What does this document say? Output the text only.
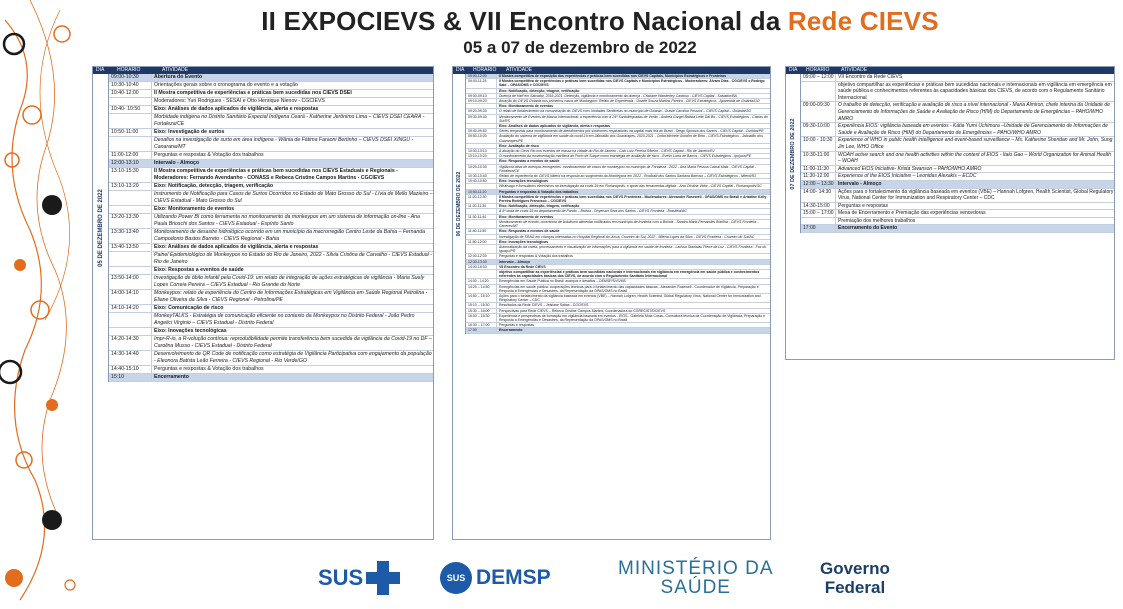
II EXPOCIEVS & VII Encontro Nacional da Rede CIEVS
05 a 07 de dezembro de 2022
DIA	HORÁRIO	ATIVIDADE
05 DE DEZEMBRO DE 2022
09:00-10:30	Abertura do Evento
10:30-10:40	Orientações gerais sobre o cronograma do evento e a votação
10:40-12:00	II Mostra competitiva de experiências e práticas bem sucedidas nos CIEVS DSEI
Moderadores: Yuri Rodrigues - SESAI e Otto Henrique Nienov - CGCIEVS
10:40- 10:50	Eixo: Análises de dados aplicados de vigilância, alerta e respostas
Morbidade indígena no Distrito Sanitário Especial Indígena Ceará - Katherine Jerônimo Lima – CIEVS DSEI CEARÁ - Fortaleza/CE
10:50-11:00	Eixo: Investigação de surtos
Desafios na investigação de surto em área indígena - Wânia de Fátima Faraoni Bertinho – CIEVS DSEI XINGU - Canarana/MT
11:00-12:00	Perguntas e respostas & Votação dos trabalhos
12:00-13:10	Intervalo - Almoço
13:10-15:30	II Mostra competitiva de experiências e práticas bem sucedidas nos CIEVS Estaduais e Regionais - Moderadores: Fernando Avendanho - CONASS e Rebeca Cristine Campos Martins - CGCIEVS
13:10-13:20	Eixo: Notificação, detecção, triagem, verificação
Instrumento de Notificação para Casos de Surtos Ocorridos no Estado de Mato Grosso do Sul - Lívia de Mello Mazieiro – CIEVS Estadual - Mato Grosso do Sul
Eixo: Monitoramento de eventos
13:20-13:30	Utilizando Power BI como ferramenta no monitoramento da monkeypox em um sistema de informação on-line - Ana Paula Brioschi dos Santos - CIEVS Estadual - Espírito Santo
13:30-13:40	Monitoramento de desastre hidrológico ocorrido em um município da macrorregião Centro Leste da Bahia – Fernanda Campodonio Bastos Barreto - CIEVS Regional - Bahia
13:40-13:50	Eixo: Análises de dados aplicados de vigilância, alerta e respostas
Painel Epidemiológico de Monkeypox no Estado do Rio de Janeiro, 2022 - Silvia Cristina de Carvalho - CIEVS Estadual - Rio de Janeiro
Eixo: Respostas a eventos de saúde
13:50-14:00	Investigação de óbito infantil pela Covid-19: um relato de integração de ações estratégicas de vigilância - Maria Suely Lopes Correia Pereira – CIEVS Estadual - Rio Grande do Norte
14:00-14:10	Monkeypox: relato de experiência do Centro de Informações Estratégicas em Vigilância em Saúde Regional Petrolina - Eliane Oliveira da Silva - CIEVS Regional - Petrolina/PE
14:10-14:20	Eixo: Comunicação de risco
MonkeyTALKS - Estratégia de comunicação eficiente no contexto da Monkeypox no Distrito Federal - João Pedro Angelici Virginio – CIEVS Estadual - Distrito Federal
Eixo: Inovações tecnológicas
14:20-14:30	Impr-R-io, a R-volução contínua: reprodutibilidade permite transferência bem sucedida da vigilância da Covid-19 no DF – Carolina Musso - CIEVS Estadual - Distrito Federal
14:30-14:40	Desenvolvimento de QR Code de notificação como estratégia de Vigilância Participativa com engajamento da população - Eleonora Batista Leão Ferreira - CIEVS Regional - Rio Verde/GO
14:40-15:10	Perguntas e respostas & Votação dos trabalhos
15:10	Encerramento
DIA	HORÁRIO	ATIVIDADE
06 DE DEZEMBRO DE 2022
09:00-12:00	II Mostra competitiva de exposição das experiências e práticas bem sucedidas nos CIEVS Capitais, Municípios Estratégicos e Fronteiras
09:00-11:25	II Mostra competitiva de experiências e práticas bem sucedidas nos CIEVS Capitais e Municípios Estratégicos - Moderadores: Álvaro Dias - CGCIEVS e Rodrigo Said – OPAS/OMS e CGCIEVS
Eixo: Notificação, detecção, triagem, verificação
09:00-09:10	Doença de Haff em Salvador, 2016-2021: Detecção, vigilância e monitoramento da doença - Cristiane Wanderley Cardoso - CIEVS Capital - Salvador/BA
09:10-09:20	Atuação do CIEVS Goiânia nos primeiros casos de Monkeypox: Relato de Experiência - Gisélle Souza Martins Pereira - CIEVS Estratégicos - Aparecida de Goiânia/GO
Eixo: Monitoramento de eventos
09:20-09:30	O relato de fortalecimento na comunicação do CIEVS com Unidades Sentinelas no município de Goiânia - Grasie Carolina Pessoni – CIEVS Capital – Goiânia/GO
09:30-09:40	Monitoramento de Eventos de Massa Internacional: a experiência com a 24ª Surdolimpíadas de Verão - Andrea Gurgel Batista Leite Dal Bo - CIEVS Estratégicos - Caxias do Sul/RS
Eixo: Análises de dados aplicados de vigilância, alerta e respostas
09:40-09:50	Séries temporais para monitoramento de atendimentos por síndromes respiratórias na capital mais fria do Brasil - Diego Spinoza dos Santos - CIEVS Capital - Curitiba/PR
09:50-10:00	Avaliação do sistema de vigilância em saúde da covid-19 em Jaboatão dos Guararapes, 2020-2021 - Cintia Michele Gondim de Brito - CIEVS Estratégicos - Jaboatão dos Guararapes/PE
Eixo: Avaliação de risco
10:00-10:10	A atuação do Cievs Rio nos eventos de massa na cidade do Rio de Janeiro - Caio Luiz Pereira Ribeiro - CIEVS Capital - Rio de Janeiro/RJ
10:10-10:20	O monitoramento da movimentação marítima do Porto de Suape como estratégia de avaliação de risco - Evelin Lúcia de Barros - CIEVS Estratégicos - Ipojuca/PE
Eixo: Respostas a eventos de saúde
10:20-10:30	Vigilância ativa de doenças emergentes: monitoramento de casos de monkeypox no município de Fortaleza - 2022 - Ana Maria Pessoa Cabral Maia - CIEVS Capital - Fortaleza/CE
10:30-10:40	Relato de experiência do CIEVS Niterói na resposta ao surgimento da Monkeypox em 2022 - Rosiballi dos Santos Santana Barroso – CIEVS Estratégicos - Niterói/RJ
10:40-10:50	Eixo: Inovações tecnológicas
Whatsapp e formulários eletrônicos na investigação da covid-19 em Florianópolis: o apoio das ferramentas digitais - Ana Cristina Vidor - CIEVS Capital - Florianópolis/SC
10:50-11:20	Perguntas e respostas & Votação dos trabalhos
11:20-12:30	II Mostra competitiva de experiências e práticas bem sucedidas nos CIEVS Fronteiras - Moderadores: Alexander Rosewell - OPAS/OMS no Brasil e Ariadine Kelly Pereira Rodrigues Francisco – CGCIEVS
11:20-11:30	Eixo: Notificação, detecção, triagem, verificação
A 4ª onda de covid-19 no departamento de Pando – Bolívia - Dhyeison Silva dos Santos - CIEVS Fronteira - Brasiléia/AC
11:30-11:40	Eixo: Monitoramento de eventos
Monitoramento de evento: ocorrência de botulismo alimentar notificados em município de fronteira com a Bolívia - Sandra Maria Fernandes Bonilha - CIEVS Fronteira - Cáceres/MT
11:40-11:50	Eixo: Respostas a eventos de saúde
Investigação de SRAG em crianças internadas no Hospital Regional do Juruá, Cruzeiro do Sul, 2022 - Milena Lopes da Silva - CIEVS Fronteira - Cruzeiro do Sul/AC
11:50-12:00	Eixo: Inovações tecnológicas
Automatização da coleta, processamento e visualização de informações para a vigilância em saúde de fronteira - Larissa Stanislau Pierre da Luz - CIEVS Fronteira - Foz do Iguaçu/PR
12:00-12:30	Perguntas e respostas & Votação dos trabalhos
12:30-13:30	Intervalo – Almoço
14:00-16:00	VII Encontro da Rede CIEVS
objetivo compartilhar as experiências e práticas bem sucedidas nacionais e internacionais em vigilância em emergência em saúde pública e conhecimentos referentes às capacidades básicas dos CIEVS, de acordo com o Regulamento Sanitário Internacional
14:00 - 14:20	Emergências em Saúde Pública no Brasil: avanços e desafios – DEMSP/SVS/MS
14:20 – 14:50	Emergências em saúde pública: cooperações técnicas para o fortalecimento das capacidades básicas - Alexander Rosewell - Coordenador de Vigilância, Preparação e Resposta a Emergências e Desastres, da Representação da OPAS/OMS no Brasil
14:50 – 15:10	Ações para o fortalecimento da vigilância baseada em eventos (VBE) – Hannah Lofgren, Health Scientist, Global Regulatory Virus, National Center for Immunization and Respiratory Center – CDC
15:10 – 15:30	Resultados da Rede CIEVS – Jeisiane Saltas - CGCIEVS
15:30 – 16:00	Perspectivas para Rede CIEVS – Rebeca Cristine Campos Martins, Coordenadora do CGRECIST/DCIEVS
16:00 – 16:30	Experiência e perspectivas de formação em vigilância baseada em eventos - EIOS - Gabriela Mota Costa– Consultora técnica da Coordenação de Vigilância, Preparação e Resposta a Emergências e Desastres, da Representação da OPAS/OMS no Brasil
16:30 – 17:00	Perguntas e respostas
17:00	Encerramento
DIA	HORÁRIO	ATIVIDADE
07 DE DEZEMBRO DE 2022
09:00 – 12:00 VII Encontro da Rede CIEVS
objetivo compartilhar as experiências e práticas bem sucedidas nacionais e internacionais em vigilância em emergência em saúde pública e conhecimentos referentes às capacidades básicas dos CIEVS, de acordo com o Regulamento Sanitário Internacional
09:00-09:30	O trabalho de detecção, verificação e avaliação de risco a nível internacional - Maria Almiron, chefe interina da Unidade de Gerenciamento de Informações de Saúde e Avaliação de Risco (HIM) do Departamento de Emergências – PAHO/WHO AMRO
09:30-10:00	Experiência EIOS: vigilância baseada em eventos - Kátia Yumi Uchimura –Unidade de Gerenciamento de Informações de Saúde e Avaliação de Risco (HIM) do Departamento de Emergências – PAHO/WHO AMRO
10:00 - 10:30	Experience of WHO in public health intelligence and event-based surveillance – Ms. Katherine Sheridan and Mr. John, Sung Jin Lee, WHO Office
10:30-11:00	WOAH active search and one health activities within the context of EIOS - Italo Gao – World Organization for Animal Health – WOAH
11:00-11:30	Advanced EIOS Iniciative- Krista Swanson – PAHO/WHO AMRO
11:30-12:00	Experience of the EIOS Iniciative – Leonidas Alexakis – ECDC
12:00 – 13:30 Intervalo - Almoço
14:00- 14:30	Ações para o fortalecimento da vigilância baseada em eventos (VBE) – Hannah Lofgren, Health Scientist, Global Regulatory Virus, National Center for Immunization and Respiratory Center – CDC
14:30-15:00	Perguntas e respostas
15:00 – 17:00 Mesa de Encerramento e Premiação das experiências vencedoras
Premiação dos melhores trabalhos
17:00	Encerramento do Evento
SUS	SUS DEMSP	MINISTÉRIO DA
SAÚDE
Governo
Federal
